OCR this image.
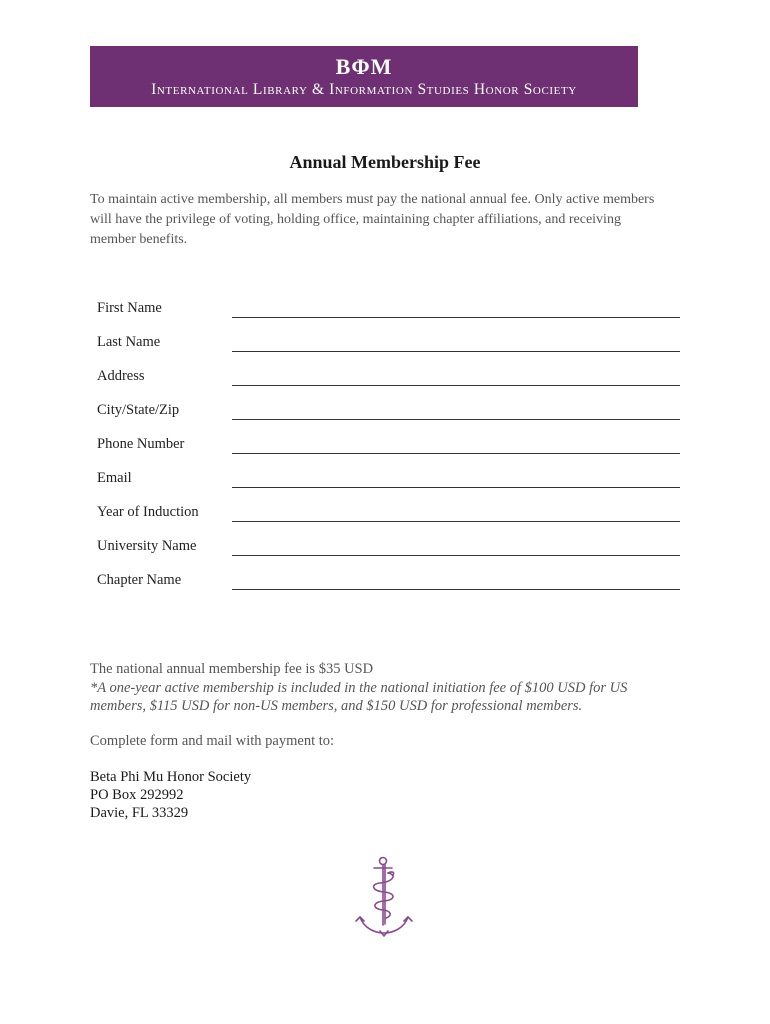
BΦM
International Library & Information Studies Honor Society
Annual Membership Fee
To maintain active membership, all members must pay the national annual fee. Only active members will have the privilege of voting, holding office, maintaining chapter affiliations, and receiving member benefits.
First Name
Last Name
Address
City/State/Zip
Phone Number
Email
Year of Induction
University Name
Chapter Name
The national annual membership fee is $35 USD
*A one-year active membership is included in the national initiation fee of $100 USD for US members, $115 USD for non-US members, and $150 USD for professional members.
Complete form and mail with payment to:
Beta Phi Mu Honor Society
PO Box 292992
Davie, FL 33329
